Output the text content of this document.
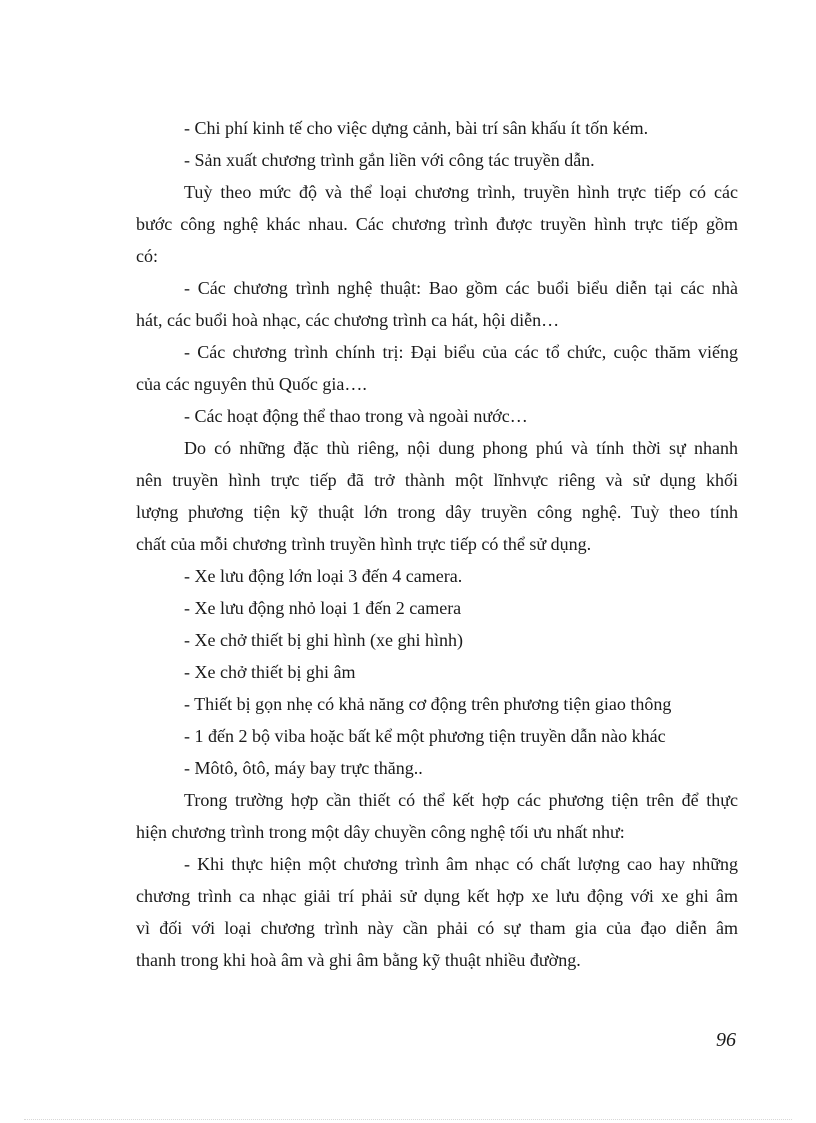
- Chi phí kinh tế cho việc dựng cảnh, bài trí sân khấu ít tốn kém.
- Sản xuất chương trình gắn liền với công tác truyền dẫn.
Tuỳ theo mức độ và thể loại chương trình, truyền hình trực tiếp có các
bước công nghệ khác nhau. Các chương trình được truyền hình trực tiếp gồm
có:
- Các chương trình nghệ thuật: Bao gồm các buổi biểu diễn tại các nhà
hát, các buổi hoà nhạc, các chương trình ca hát, hội diễn…
- Các chương trình chính trị: Đại biểu của các tổ chức, cuộc thăm viếng
của các nguyên thủ Quốc gia….
- Các hoạt động thể thao trong và ngoài nước…
Do có những đặc thù riêng, nội dung phong phú và tính thời sự nhanh
nên truyền hình trực tiếp đã trở thành một lĩnhvực riêng và sử dụng khối
lượng phương tiện kỹ thuật lớn trong dây truyền công nghệ. Tuỳ theo tính
chất của mỗi chương trình truyền hình trực tiếp có thể sử dụng.
- Xe lưu động lớn loại 3 đến 4 camera.
- Xe lưu động nhỏ loại 1 đến 2 camera
- Xe chở thiết bị ghi hình (xe ghi hình)
- Xe chở thiết bị ghi âm
- Thiết bị gọn nhẹ có khả năng cơ động trên phương tiện giao thông
- 1 đến 2 bộ viba hoặc bất kể một phương tiện truyền dẫn nào khác
- Môtô, ôtô, máy bay trực thăng..
Trong trường hợp cần thiết có thể kết hợp các phương tiện trên để thực
hiện chương trình trong một dây chuyền công nghệ tối ưu nhất như:
- Khi thực hiện một chương trình âm nhạc có chất lượng cao hay những
chương trình ca nhạc giải trí phải sử dụng kết hợp xe lưu động với xe ghi âm
vì đối với loại chương trình này cần phải có sự tham gia của đạo diễn âm
thanh trong khi hoà âm và ghi âm bằng kỹ thuật nhiều đường.
96
